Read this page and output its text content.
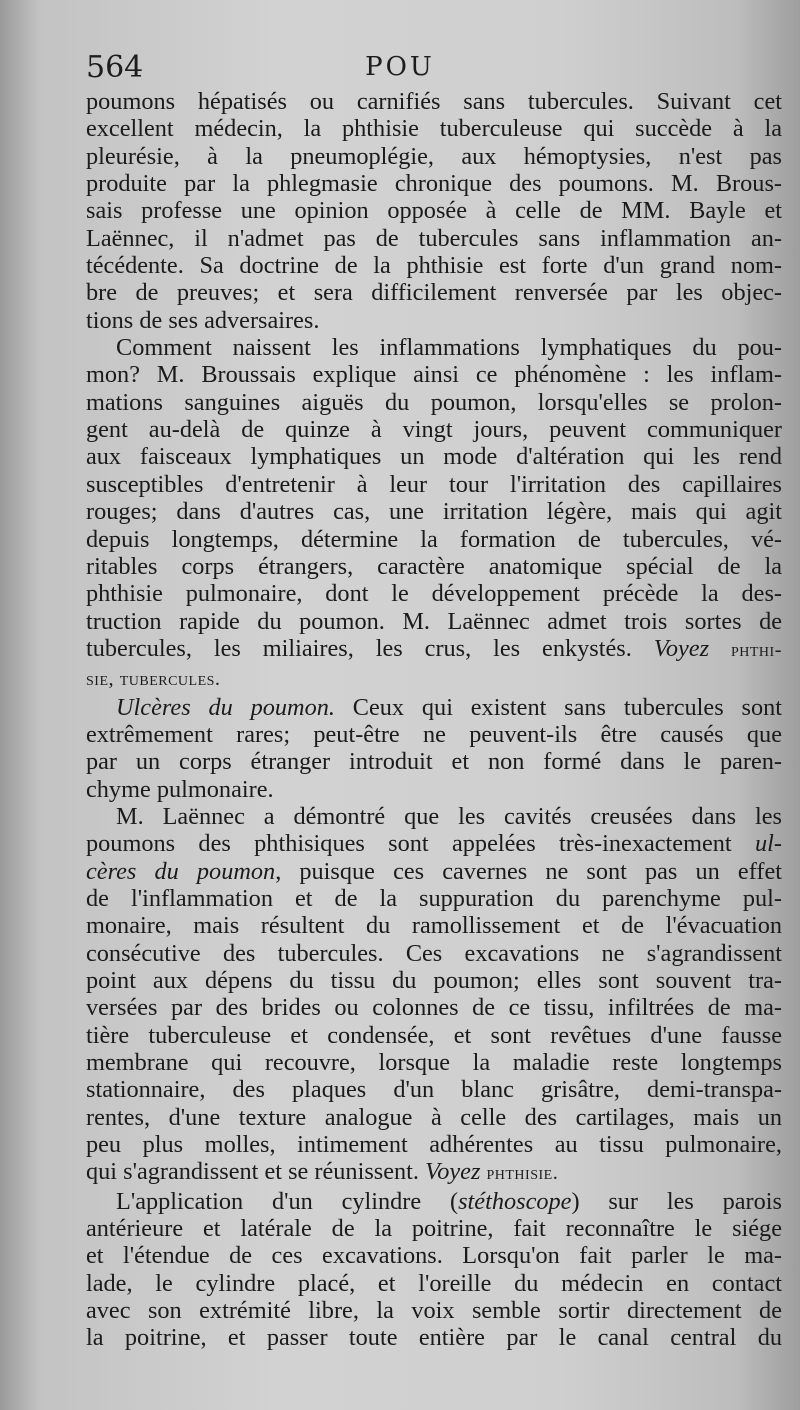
564	POU
poumons hépatisés ou carnifiés sans tubercules. Suivant cet
excellent médecin, la phthisie tuberculeuse qui succède à la
pleurésie, à la pneumoplégie, aux hémoptysies, n'est pas
produite par la phlegmasie chronique des poumons. M. Brous-
sais professe une opinion opposée à celle de MM. Bayle et
Laënnec, il n'admet pas de tubercules sans inflammation an-
técédente. Sa doctrine de la phthisie est forte d'un grand nom-
bre de preuves; et sera difficilement renversée par les objec-
tions de ses adversaires.
Comment naissent les inflammations lymphatiques du pou-
mon? M. Broussais explique ainsi ce phénomène : les inflam-
mations sanguines aiguës du poumon, lorsqu'elles se prolon-
gent au-delà de quinze à vingt jours, peuvent communiquer
aux faisceaux lymphatiques un mode d'altération qui les rend
susceptibles d'entretenir à leur tour l'irritation des capillaires
rouges; dans d'autres cas, une irritation légère, mais qui agit
depuis longtemps, détermine la formation de tubercules, vé-
ritables corps étrangers, caractère anatomique spécial de la
phthisie pulmonaire, dont le développement précède la des-
truction rapide du poumon. M. Laënnec admet trois sortes de
tubercules, les miliaires, les crus, les enkystés. Voyez phthi-
sie, tubercules.
Ulcères du poumon. Ceux qui existent sans tubercules sont
extrêmement rares; peut-être ne peuvent-ils être causés que
par un corps étranger introduit et non formé dans le paren-
chyme pulmonaire.
M. Laënnec a démontré que les cavités creusées dans les
poumons des phthisiques sont appelées très-inexactement ul-
cères du poumon, puisque ces cavernes ne sont pas un effet
de l'inflammation et de la suppuration du parenchyme pul-
monaire, mais résultent du ramollissement et de l'évacuation
consécutive des tubercules. Ces excavations ne s'agrandissent
point aux dépens du tissu du poumon; elles sont souvent tra-
versées par des brides ou colonnes de ce tissu, infiltrées de ma-
tière tuberculeuse et condensée, et sont revêtues d'une fausse
membrane qui recouvre, lorsque la maladie reste longtemps
stationnaire, des plaques d'un blanc grisâtre, demi-transpa-
rentes, d'une texture analogue à celle des cartilages, mais un
peu plus molles, intimement adhérentes au tissu pulmonaire,
qui s'agrandissent et se réunissent. Voyez phthisie.
L'application d'un cylindre (stéthoscope) sur les parois
antérieure et latérale de la poitrine, fait reconnaître le siége
et l'étendue de ces excavations. Lorsqu'on fait parler le ma-
lade, le cylindre placé, et l'oreille du médecin en contact
avec son extrémité libre, la voix semble sortir directement de
la poitrine, et passer toute entière par le canal central du
